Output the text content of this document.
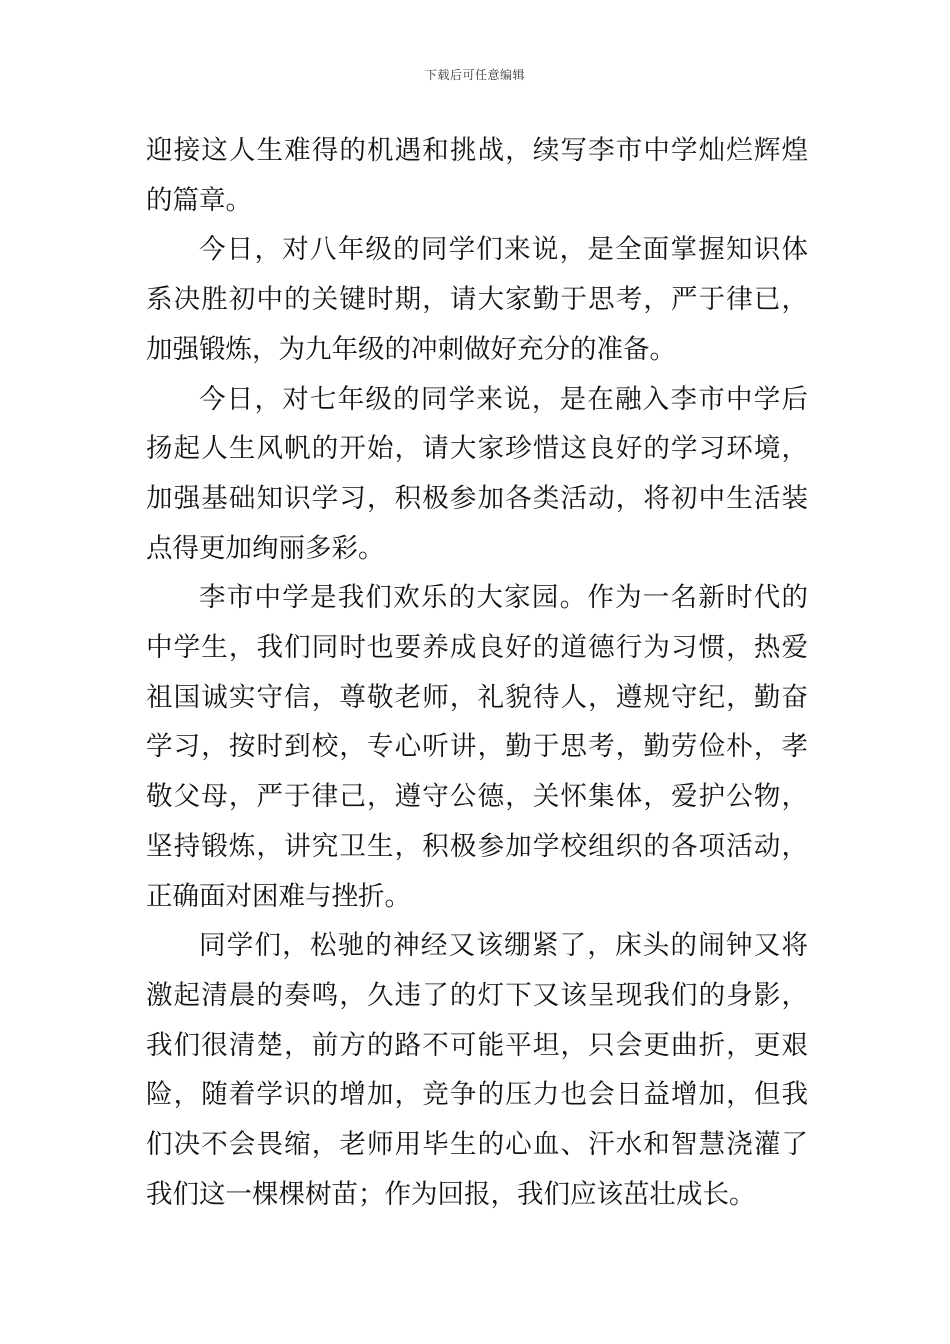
下载后可任意编辑

迎接这人生难得的机遇和挑战，续写李市中学灿烂辉煌的篇章。

今日，对八年级的同学们来说，是全面掌握知识体系决胜初中的关键时期，请大家勤于思考，严于律已，加强锻炼，为九年级的冲刺做好充分的准备。

今日，对七年级的同学来说，是在融入李市中学后扬起人生风帆的开始，请大家珍惜这良好的学习环境，加强基础知识学习，积极参加各类活动，将初中生活装点得更加绚丽多彩。

李市中学是我们欢乐的大家园。作为一名新时代的中学生，我们同时也要养成良好的道德行为习惯，热爱祖国诚实守信，尊敬老师，礼貌待人，遵规守纪，勤奋学习，按时到校，专心听讲，勤于思考，勤劳俭朴，孝敬父母，严于律己，遵守公德，关怀集体，爱护公物，坚持锻炼，讲究卫生，积极参加学校组织的各项活动，正确面对困难与挫折。

同学们，松驰的神经又该绷紧了，床头的闹钟又将激起清晨的奏鸣，久违了的灯下又该呈现我们的身影，我们很清楚，前方的路不可能平坦，只会更曲折，更艰险，随着学识的增加，竞争的压力也会日益增加，但我们决不会畏缩，老师用毕生的心血、汗水和智慧浇灌了我们这一棵棵树苗；作为回报，我们应该茁壮成长。
